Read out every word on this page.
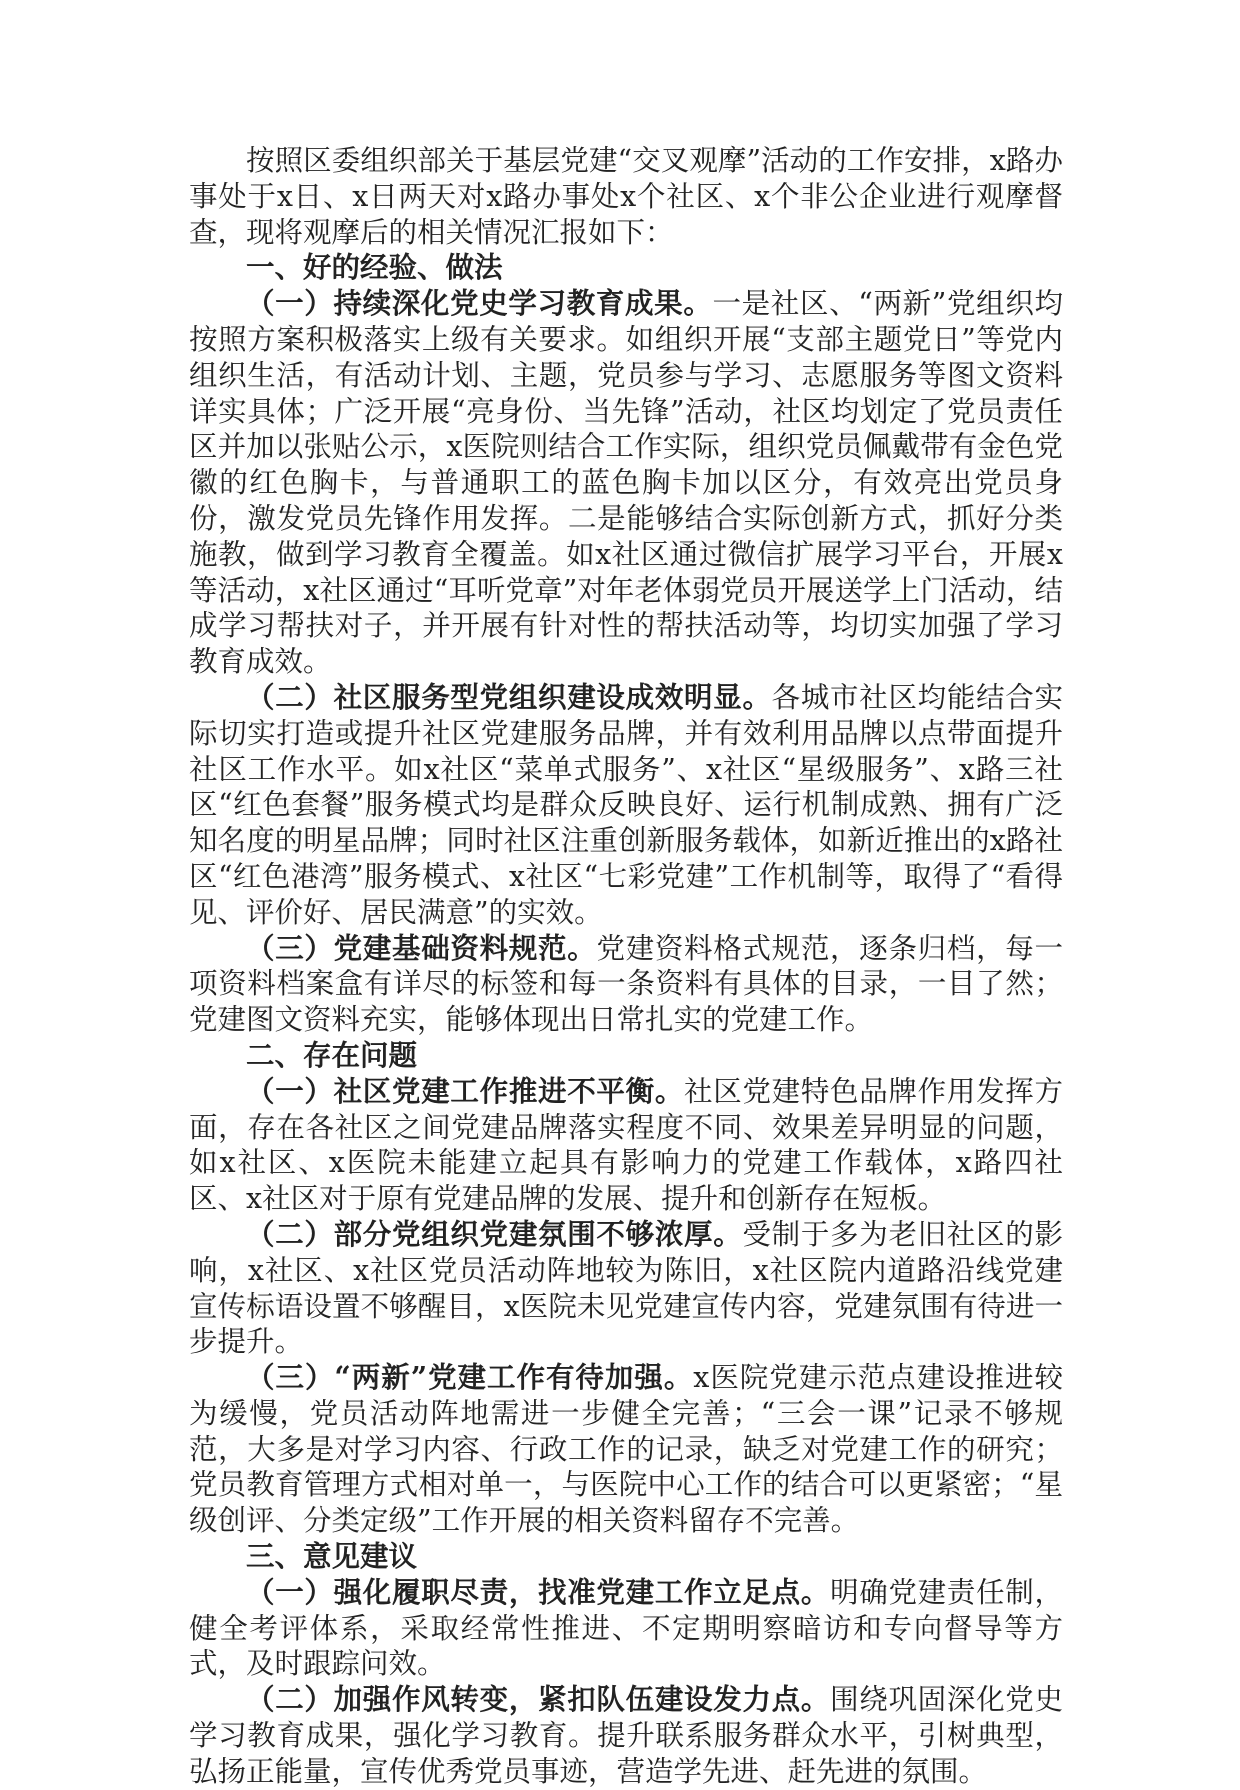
按照区委组织部关于基层党建“交叉观摩”活动的工作安排，x路办事处于x日、x日两天对x路办事处x个社区、x个非公企业进行观摩督查，现将观摩后的相关情况汇报如下：

一、好的经验、做法

（一）持续深化党史学习教育成果。一是社区、“两新”党组织均按照方案积极落实上级有关要求。如组织开展“支部主题党日”等党内组织生活，有活动计划、主题，党员参与学习、志愿服务等图文资料详实具体；广泛开展“亮身份、当先锋”活动，社区均划定了党员责任区并加以张贴公示，x医院则结合工作实际，组织党员佩戴带有金色党徽的红色胸卡，与普通职工的蓝色胸卡加以区分，有效亮出党员身份，激发党员先锋作用发挥。二是能够结合实际创新方式，抓好分类施教，做到学习教育全覆盖。如x社区通过微信扩展学习平台，开展x等活动，x社区通过“耳听党章”对年老体弱党员开展送学上门活动，结成学习帮扶对子，并开展有针对性的帮扶活动等，均切实加强了学习教育成效。

（二）社区服务型党组织建设成效明显。各城市社区均能结合实际切实打造或提升社区党建服务品牌，并有效利用品牌以点带面提升社区工作水平。如x社区“菜单式服务”、x社区“星级服务”、x路三社区“红色套餐”服务模式均是群众反映良好、运行机制成熟、拥有广泛知名度的明星品牌；同时社区注重创新服务载体，如新近推出的x路社区“红色港湾”服务模式、x社区“七彩党建”工作机制等，取得了“看得见、评价好、居民满意”的实效。

（三）党建基础资料规范。党建资料格式规范，逐条归档，每一项资料档案盒有详尽的标签和每一条资料有具体的目录，一目了然；党建图文资料充实，能够体现出日常扎实的党建工作。

二、存在问题

（一）社区党建工作推进不平衡。社区党建特色品牌作用发挥方面，存在各社区之间党建品牌落实程度不同、效果差异明显的问题，如x社区、x医院未能建立起具有影响力的党建工作载体，x路四社区、x社区对于原有党建品牌的发展、提升和创新存在短板。

（二）部分党组织党建氛围不够浓厚。受制于多为老旧社区的影响，x社区、x社区党员活动阵地较为陈旧，x社区院内道路沿线党建宣传标语设置不够醒目，x医院未见党建宣传内容，党建氛围有待进一步提升。

（三）“两新”党建工作有待加强。x医院党建示范点建设推进较为缓慢，党员活动阵地需进一步健全完善；“三会一课”记录不够规范，大多是对学习内容、行政工作的记录，缺乏对党建工作的研究；党员教育管理方式相对单一，与医院中心工作的结合可以更紧密；“星级创评、分类定级”工作开展的相关资料留存不完善。

三、意见建议

（一）强化履职尽责，找准党建工作立足点。明确党建责任制，健全考评体系，采取经常性推进、不定期明察暗访和专向督导等方式，及时跟踪问效。

（二）加强作风转变，紧扣队伍建设发力点。围绕巩固深化党史学习教育成果，强化学习教育。提升联系服务群众水平，引树典型，弘扬正能量，宣传优秀党员事迹，营造学先进、赶先进的氛围。
